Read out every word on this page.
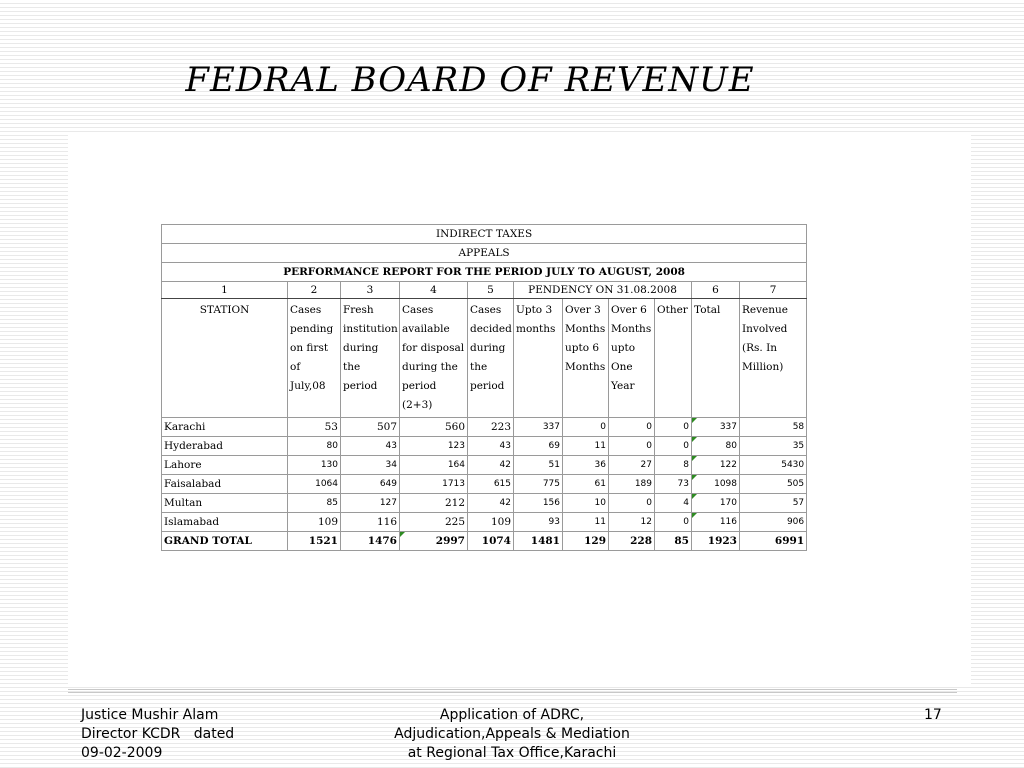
FEDRAL BOARD OF REVENUE
INDIRECT TAXES										
APPEALS										
PERFORMANCE REPORT FOR THE PERIOD JULY TO AUGUST, 2008										
1	2	3	4	5	PENDENCY ON 31.08.2008				6	7
STATION	Cases pending on first of July,08	Fresh institution during the period	Cases available for disposal during the period (2+3)	Cases decided during the period	Upto 3 months	Over 3 Months upto 6 Months	Over 6 Months upto One Year	Other	Total	Revenue Involved (Rs. In Million)
Karachi	53	507	560	223	337	0	0	0	337	58
Hyderabad	80	43	123	43	69	11	0	0	80	35
Lahore	130	34	164	42	51	36	27	8	122	5430
Faisalabad	1064	649	1713	615	775	61	189	73	1098	505
Multan	85	127	212	42	156	10	0	4	170	57
Islamabad	109	116	225	109	93	11	12	0	116	906
GRAND TOTAL	1521	1476	2997	1074	1481	129	228	85	1923	6991
Justice Mushir Alam
Director KCDR   dated
09-02-2009
Application of ADRC,
Adjudication,Appeals & Mediation
at Regional Tax Office,Karachi
17
